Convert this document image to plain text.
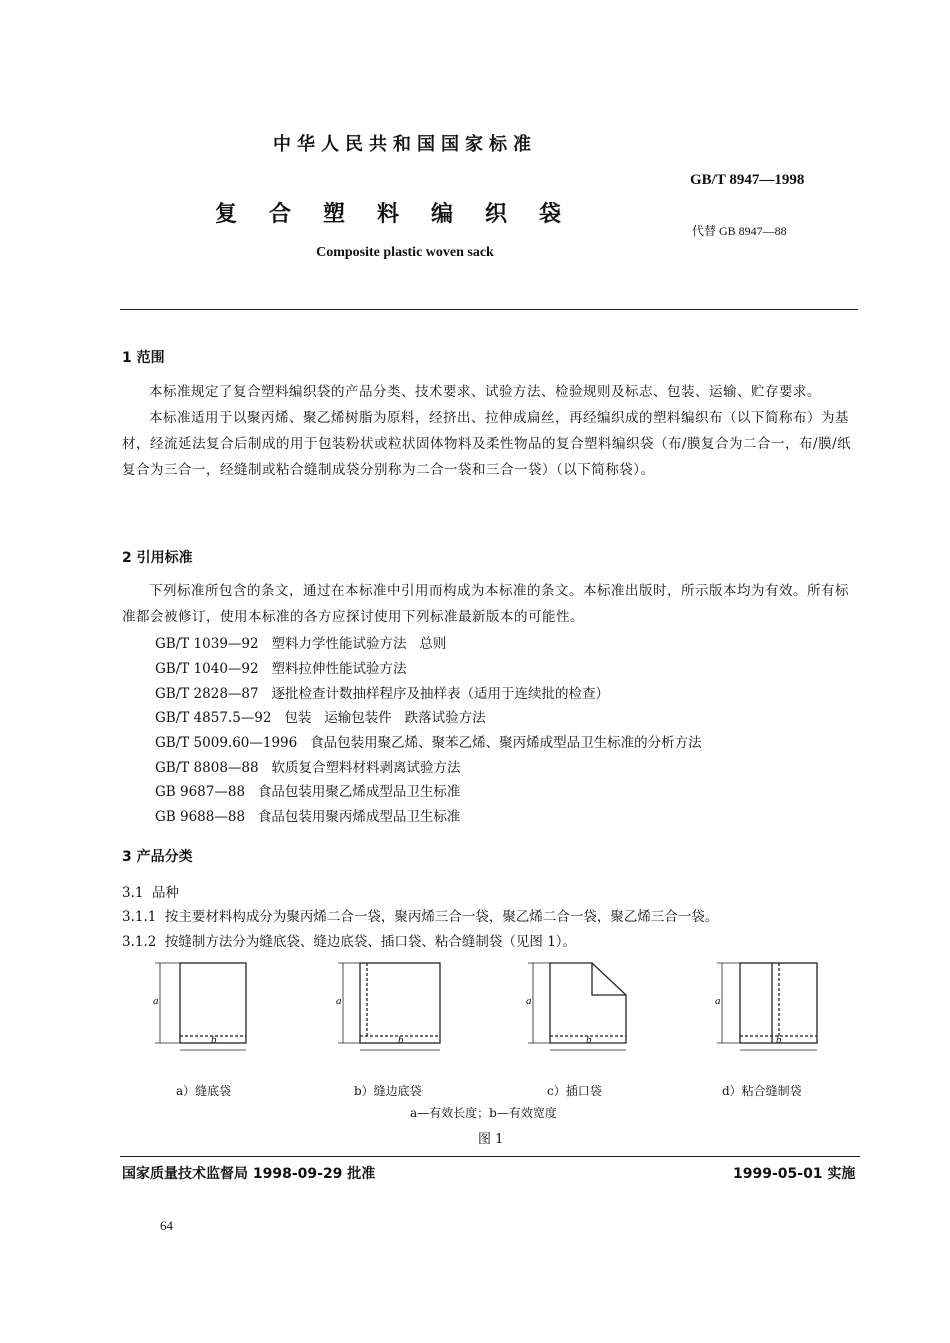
中华人民共和国国家标准
GB/T 8947—1998
复合塑料编织袋
代替 GB 8947—88
Composite plastic woven sack
1 范围

本标准规定了复合塑料编织袋的产品分类、技术要求、试验方法、检验规则及标志、包装、运输、贮存要求。

本标准适用于以聚丙烯、聚乙烯树脂为原料，经挤出、拉伸成扁丝，再经编织成的塑料编织布（以下简称布）为基材，经流延法复合后制成的用于包装粉状或粒状固体物料及柔性物品的复合塑料编织袋（布/膜复合为二合一，布/膜/纸复合为三合一，经缝制或粘合缝制成袋分别称为二合一袋和三合一袋）（以下简称袋）。

2 引用标准

下列标准所包含的条文，通过在本标准中引用而构成为本标准的条文。本标准出版时，所示版本均为有效。所有标准都会被修订，使用本标准的各方应探讨使用下列标准最新版本的可能性。

GB/T 1039—92   塑料力学性能试验方法   总则
GB/T 1040—92   塑料拉伸性能试验方法
GB/T 2828—87   逐批检查计数抽样程序及抽样表（适用于连续批的检查）
GB/T 4857.5—92   包装   运输包装件   跌落试验方法
GB/T 5009.60—1996   食品包装用聚乙烯、聚苯乙烯、聚丙烯成型品卫生标准的分析方法
GB/T 8808—88   软质复合塑料材料剥离试验方法
GB 9687—88   食品包装用聚乙烯成型品卫生标准
GB 9688—88   食品包装用聚丙烯成型品卫生标准
3 产品分类
3.1  品种
3.1.1  按主要材料构成分为聚丙烯二合一袋，聚丙烯三合一袋，聚乙烯二合一袋，聚乙烯三合一袋。
3.1.2  按缝制方法分为缝底袋、缝边底袋、插口袋、粘合缝制袋（见图 1）。
a
b
a
b
a
b
a
b
a）缝底袋	b）缝边底袋	c）插口袋	d）粘合缝制袋
a—有效长度；b—有效宽度
图 1
国家质量技术监督局 1998-09-29 批准	1999-05-01 实施
64
